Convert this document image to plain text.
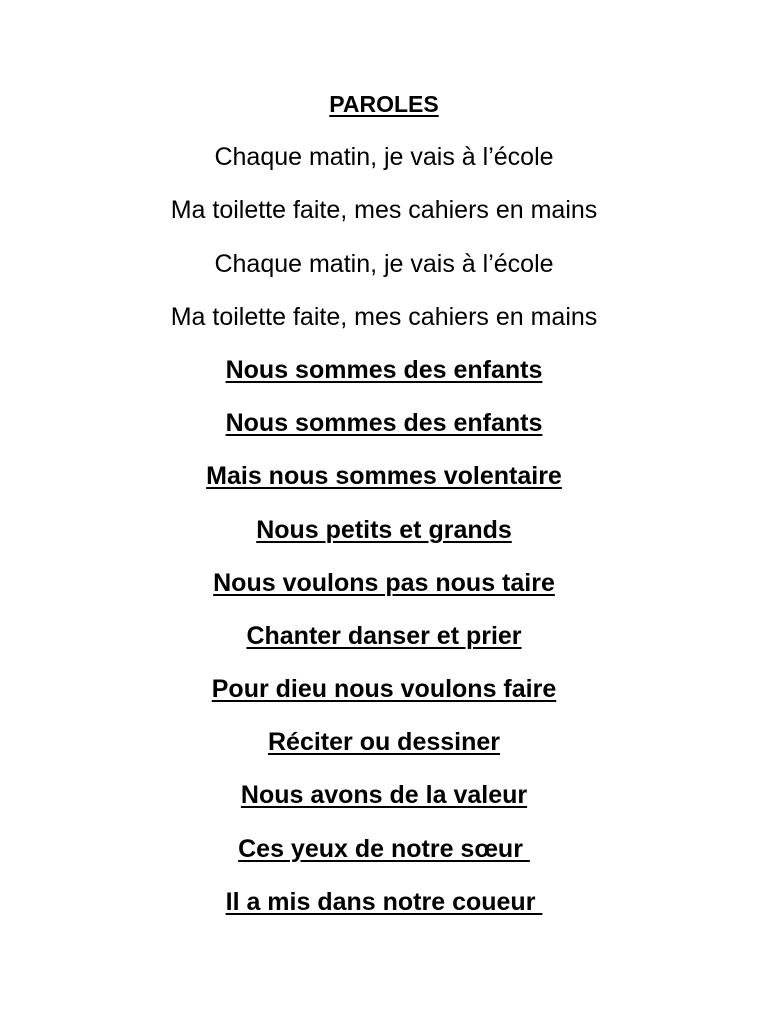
PAROLES
Chaque matin, je vais à l’école
Ma toilette faite, mes cahiers en mains
Chaque matin, je vais à l’école
Ma toilette faite, mes cahiers en mains
Nous sommes des enfants
Nous sommes des enfants
Mais nous sommes volentaire
Nous petits et grands
Nous voulons pas nous taire
Chanter danser et prier
Pour dieu nous voulons faire
Réciter ou dessiner
Nous avons de la valeur
Ces yeux de notre sœur
Il a mis dans notre coueur
